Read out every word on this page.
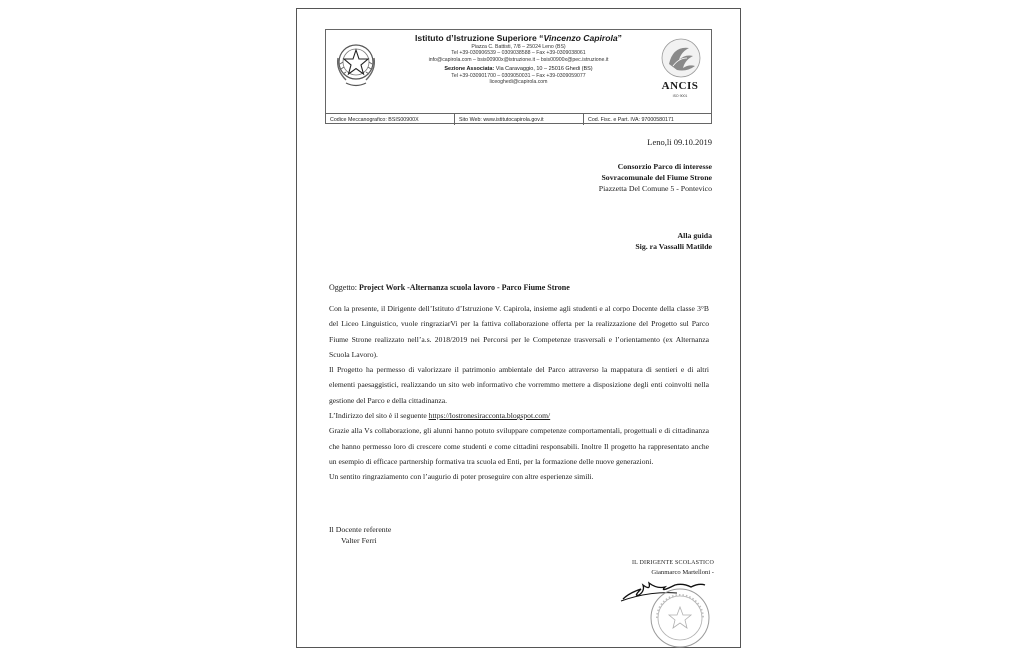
Istituto d’Istruzione Superiore “Vincenzo Capirola”
Piazza C. Battisti, 7/8 – 25024 Leno (BS)
Tel +39-030906539 – 0309038588 – Fax +39-0309038061
info@capirola.com – bsis00900x@istruzione.it – bsis00900x@pec.istruzione.it
Sezione Associata: Via Caravaggio, 10 – 25016 Ghedi (BS)
Tel +39-030901700 – 0309050031 – Fax +39-0309059077
liceoghedi@capirola.com	ANCIS
ISO 9001
Codice Meccanografico: BSIS00900X	Sito Web: www.istitutocapirola.gov.it	Cod. Fisc. e Part. IVA: 97000580171
Leno,li 09.10.2019
Consorzio Parco di interesse
Sovracomunale del Fiume Strone
Piazzetta Del Comune 5 - Pontevico
Alla guida
Sig. ra Vassalli Matilde
Oggetto: Project Work -Alternanza scuola lavoro - Parco Fiume Strone

Con la presente, il Dirigente dell’Istituto d’Istruzione V. Capirola, insieme agli studenti e al corpo Docente della classe 3°B del Liceo Linguistico, vuole ringraziarVi per la fattiva collaborazione offerta per la realizzazione del Progetto sul Parco Fiume Strone realizzato nell’a.s. 2018/2019 nei Percorsi per le Competenze trasversali e l’orientamento (ex Alternanza Scuola Lavoro).

Il Progetto ha permesso di valorizzare il patrimonio ambientale del Parco attraverso la mappatura di sentieri e di altri elementi paesaggistici, realizzando un sito web informativo che vorremmo mettere a disposizione degli enti coinvolti nella gestione del Parco e della cittadinanza.

L’Indirizzo del sito è il seguente https://lostronesiracconta.blogspot.com/

Grazie alla Vs collaborazione, gli alunni hanno potuto sviluppare competenze comportamentali, progettuali e di cittadinanza che hanno permesso loro di crescere come studenti e come cittadini responsabili. Inoltre Il progetto ha rappresentato anche un esempio di efficace partnership formativa tra scuola ed Enti, per la formazione delle nuove generazioni.

Un sentito ringraziamento con l’augurio di poter proseguire con altre esperienze simili.

Il Docente referente
Valter Ferri
IL DIRIGENTE SCOLASTICO
Gianmarco Martelloni -
